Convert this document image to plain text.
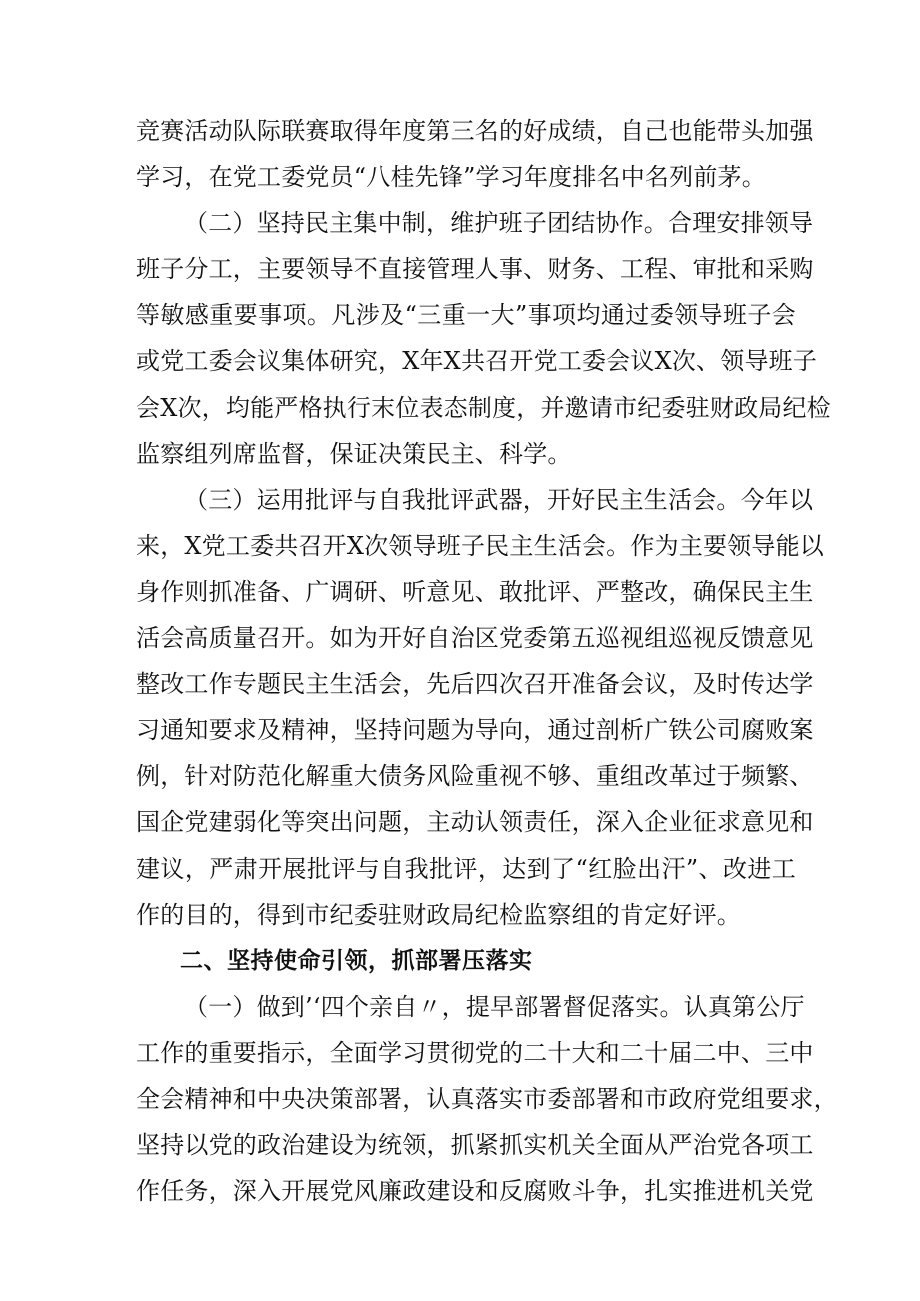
竞赛活动队际联赛取得年度第三名的好成绩，自己也能带头加强
学习，在党工委党员“八桂先锋”学习年度排名中名列前茅。
（二）坚持民主集中制，维护班子团结协作。合理安排领导
班子分工，主要领导不直接管理人事、财务、工程、审批和采购
等敏感重要事项。凡涉及“三重一大”事项均通过委领导班子会
或党工委会议集体研究，X年X共召开党工委会议X次、领导班子
会X次，均能严格执行末位表态制度，并邀请市纪委驻财政局纪检
监察组列席监督，保证决策民主、科学。
（三）运用批评与自我批评武器，开好民主生活会。今年以
来，X党工委共召开X次领导班子民主生活会。作为主要领导能以
身作则抓准备、广调研、听意见、敢批评、严整改，确保民主生
活会高质量召开。如为开好自治区党委第五巡视组巡视反馈意见
整改工作专题民主生活会，先后四次召开准备会议，及时传达学
习通知要求及精神，坚持问题为导向，通过剖析广铁公司腐败案
例，针对防范化解重大债务风险重视不够、重组改革过于频繁、
国企党建弱化等突出问题，主动认领责任，深入企业征求意见和
建议，严肃开展批评与自我批评，达到了“红脸出汗”、改进工
作的目的，得到市纪委驻财政局纪检监察组的肯定好评。
二、坚持使命引领，抓部署压落实
（一）做到’‘四个亲自〃，提早部署督促落实。认真第公厅
工作的重要指示，全面学习贯彻党的二十大和二十届二中、三中
全会精神和中央决策部署，认真落实市委部署和市政府党组要求，
坚持以党的政治建设为统领，抓紧抓实机关全面从严治党各项工
作任务，深入开展党风廉政建设和反腐败斗争，扎实推进机关党
